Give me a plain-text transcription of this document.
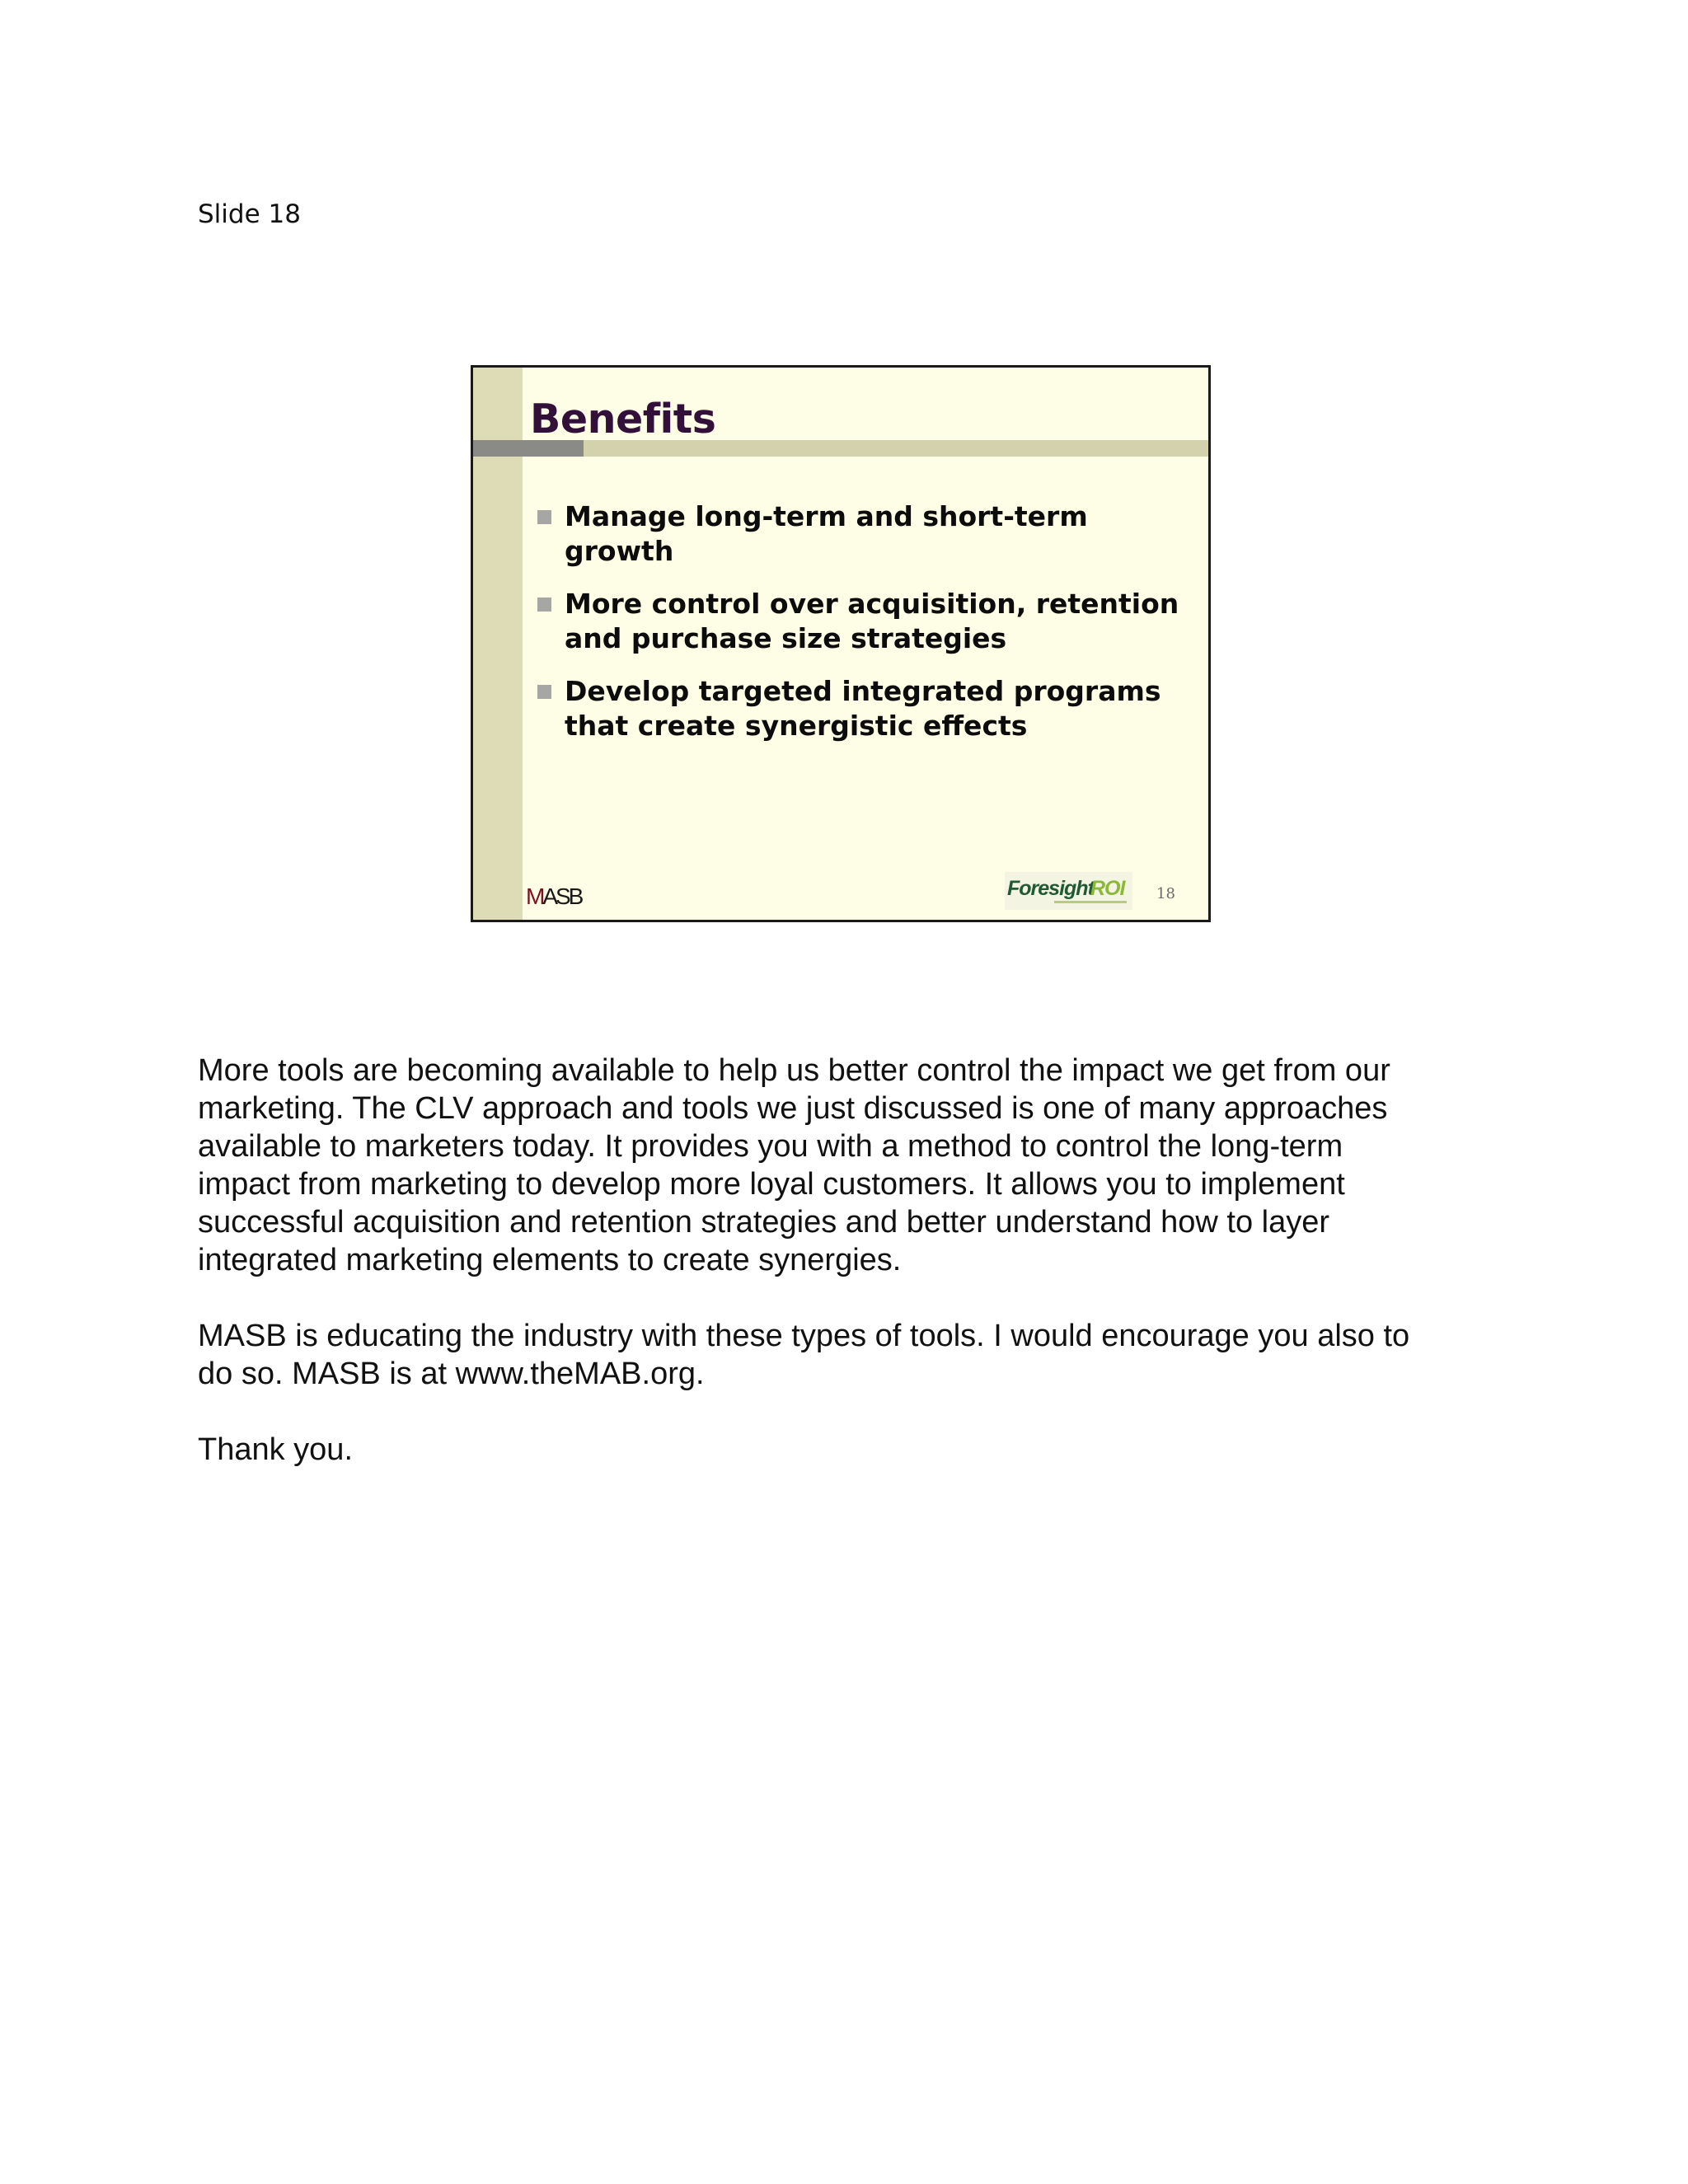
Slide 18
Benefits
Manage long-term and short-term growth
More control over acquisition, retention
and purchase size strategies
Develop targeted integrated programs
that create synergistic effects
MASB	Foresight
ROI 18

More tools are becoming available to help us better control the impact we get from our
marketing. The CLV approach and tools we just discussed is one of many approaches
available to marketers today. It provides you with a method to control the long-term
impact from marketing to develop more loyal customers. It allows you to implement
successful acquisition and retention strategies and better understand how to layer
integrated marketing elements to create synergies.

MASB is educating the industry with these types of tools. I would encourage you also to
do so. MASB is at www.theMAB.org.

Thank you.
